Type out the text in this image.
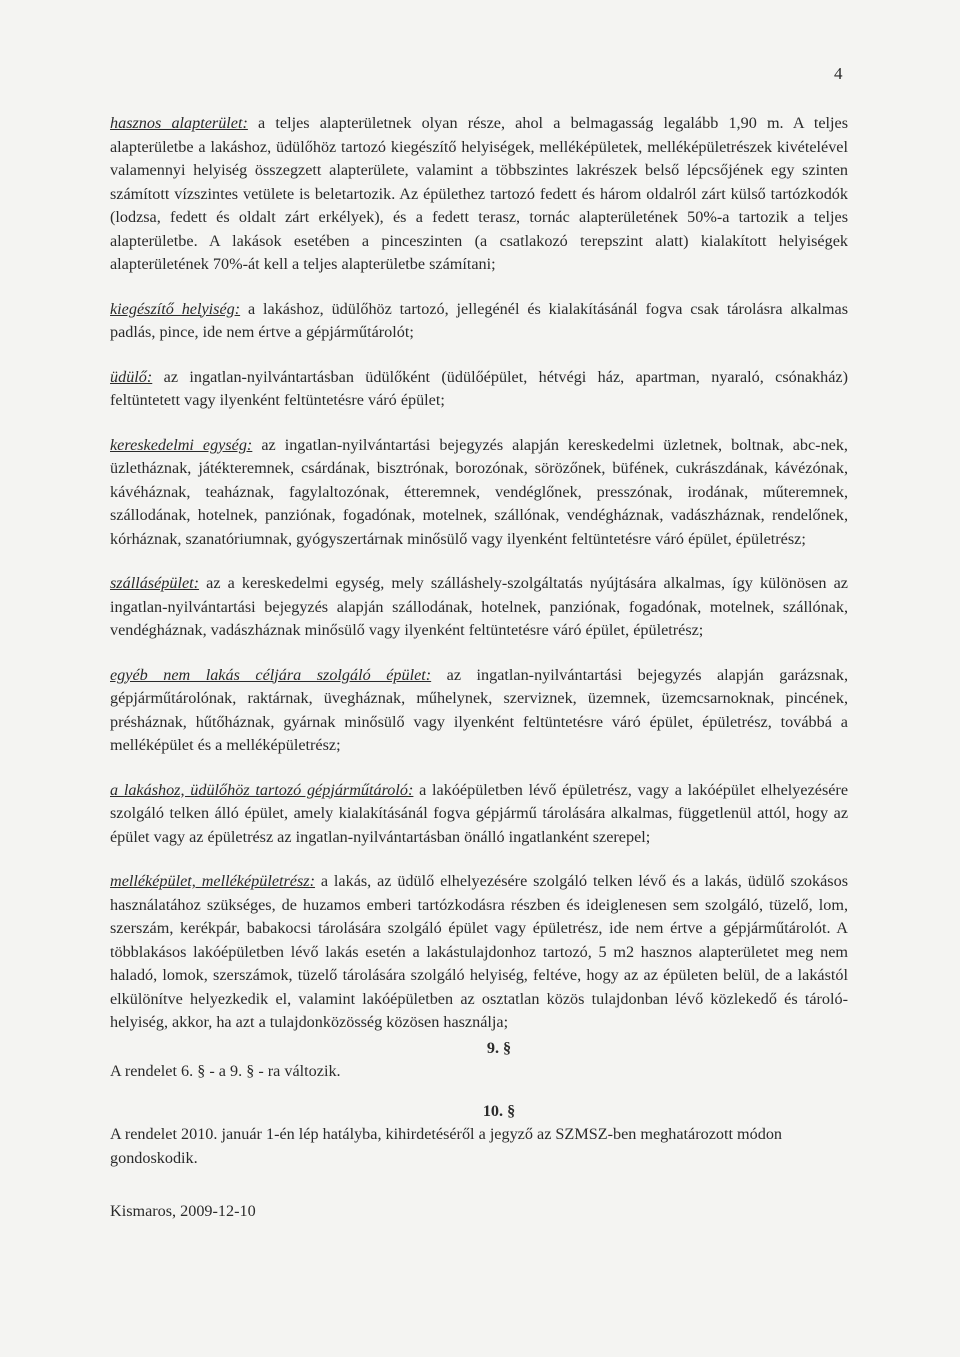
4

hasznos alapterület: a teljes alapterületnek olyan része, ahol a belmagasság legalább 1,90 m. A teljes alapterületbe a lakáshoz, üdülőhöz tartozó kiegészítő helyiségek, melléképületek, melléképületrészek kivételével valamennyi helyiség összegzett alapterülete, valamint a többszintes lakrészek belső lépcsőjének egy szinten számított vízszintes vetülete is beletartozik. Az épülethez tartozó fedett és három oldalról zárt külső tartózkodók (lodzsa, fedett és oldalt zárt erkélyek), és a fedett terasz, tornác alapterületének 50%-a tartozik a teljes alapterületbe. A lakások esetében a pinceszinten (a csatlakozó terepszint alatt) kialakított helyiségek alapterületének 70%-át kell a teljes alapterületbe számítani;

kiegészítő helyiség: a lakáshoz, üdülőhöz tartozó, jellegénél és kialakításánál fogva csak tárolásra alkalmas padlás, pince, ide nem értve a gépjárműtárolót;

üdülő: az ingatlan-nyilvántartásban üdülőként (üdülőépület, hétvégi ház, apartman, nyaraló, csónakház) feltüntetett vagy ilyenként feltüntetésre váró épület;

kereskedelmi egység: az ingatlan-nyilvántartási bejegyzés alapján kereskedelmi üzletnek, boltnak, abc-nek, üzletháznak, játékteremnek, csárdának, bisztrónak, borozónak, sörözőnek, büfének, cukrászdának, kávézónak, kávéháznak, teaháznak, fagylaltozónak, étteremnek, vendéglőnek, presszónak, irodának, műteremnek, szállodának, hotelnek, panziónak, fogadónak, motelnek, szállónak, vendégháznak, vadászháznak, rendelőnek, kórháznak, szanatóriumnak, gyógyszertárnak minősülő vagy ilyenként feltüntetésre váró épület, épületrész;

szállásépület: az a kereskedelmi egység, mely szálláshely-szolgáltatás nyújtására alkalmas, így különösen az ingatlan-nyilvántartási bejegyzés alapján szállodának, hotelnek, panziónak, fogadónak, motelnek, szállónak, vendégháznak, vadászháznak minősülő vagy ilyenként feltüntetésre váró épület, épületrész;

egyéb nem lakás céljára szolgáló épület: az ingatlan-nyilvántartási bejegyzés alapján garázsnak, gépjárműtárolónak, raktárnak, üvegháznak, műhelynek, szerviznek, üzemnek, üzemcsarnoknak, pincének, présháznak, hűtőháznak, gyárnak minősülő vagy ilyenként feltüntetésre váró épület, épületrész, továbbá a melléképület és a melléképületrész;

a lakáshoz, üdülőhöz tartozó gépjárműtároló: a lakóépületben lévő épületrész, vagy a lakóépület elhelyezésére szolgáló telken álló épület, amely kialakításánál fogva gépjármű tárolására alkalmas, függetlenül attól, hogy az épület vagy az épületrész az ingatlan-nyilvántartásban önálló ingatlanként szerepel;

melléképület, melléképületrész: a lakás, az üdülő elhelyezésére szolgáló telken lévő és a lakás, üdülő szokásos használatához szükséges, de huzamos emberi tartózkodásra részben és ideiglenesen sem szolgáló, tüzelő, lom, szerszám, kerékpár, babakocsi tárolására szolgáló épület vagy épületrész, ide nem értve a gépjárműtárolót. A többlakásos lakóépületben lévő lakás esetén a lakástulajdonhoz tartozó, 5 m2 hasznos alapterületet meg nem haladó, lomok, szerszámok, tüzelő tárolására szolgáló helyiség, feltéve, hogy az az épületen belül, de a lakástól elkülönítve helyezkedik el, valamint lakóépületben az osztatlan közös tulajdonban lévő közlekedő és tároló-helyiség, akkor, ha azt a tulajdonközösség közösen használja;

9. §

A rendelet 6. § - a 9. § - ra változik.

10. §

A rendelet 2010. január 1-én lép hatályba, kihirdetéséről a jegyző az SZMSZ-ben meghatározott módon gondoskodik.

Kismaros, 2009-12-10
